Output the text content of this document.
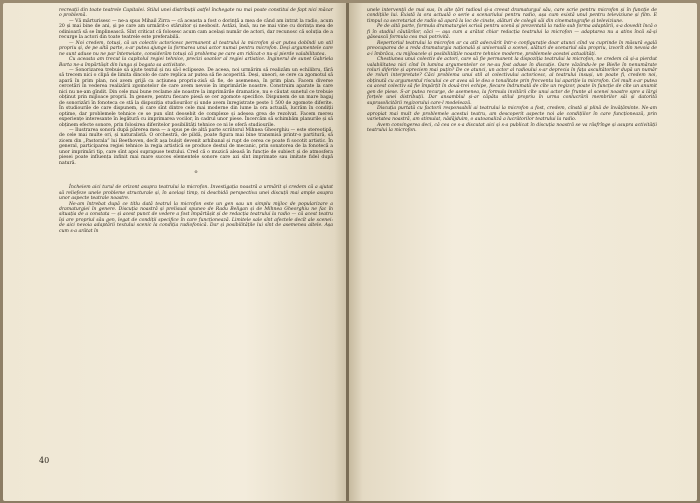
recreații din toate teatrele Capitalei. Stilul unei distribuții astfel închegate nu mai poate constitui de fapt nici măcar o problemă.

— Vă mărturisesc — ne-a spus Mihail Zirra — că aceasta a fost o dorință a mea de când am intrat la radio, acum 20 și mai bine de ani, și pe care am urmărit-o stăruitor și neobosit. Astăzi, însă, nu ne mai vine cu dorința mea de odinioară să se împlinească. Sînt criticat că folosesc acum cam același număr de actori, dar recunosc că soluția de a recurge la actori din toate teatrele este preferabilă.

— Noi credem, totuși, că un colectiv actoricesc permanent al teatrului la microfon și-ar putea dobîndi un stil propriu și, de pe altă parte, s-ar putea ajunge la formarea unui actor numai pentru microfon. Deși argumentele care ne sunt aduse nu ne par întemeiate, considerăm totuși că problema pe care am ridicat-o nu-și pierde valabilitatea.

Cu aceasta am trecut la capitolul regiei tehnice, precizi soanlor al regiei artistice. Inginerul de sunet Gabriela Barta ne-a împărtășit din lunga și bogata sa activitate.

— Sonorizarea trebuie să ajute textul și nu să-l eclipseze. De aceea, noi urmărim să realizăm un echilibru, fără să trecem nici o clipă de limita dincolo de care replica ar putea să fie acoperită. Deși, uneori, se cere ca zgomotul să apară în prim plan, noi avem grijă ca acțiunea propriu-zisă să fie, de asemenea, în prim plan. Facem diverse cercetări în vederea realizării zgomotelor de care avem nevoie în imprimările noastre. Construim aparate la care nici nu ne-am gîndit. Din cele mai bune reclame ale noastre la imprimările dramatice, nu e căutat sunetul ce trebuie obținut prin mijloace proprii. În genere, pentru fiecare piesă se cer zgomote specifice. Dispunem de un mare bagaj de sonorizări în fonoteca ce stă la dispoziția studiourilor și unde avem înregistrate peste 1 500 de zgomote diferite. În studiourile de care dispunem, și care sînt dintre cele mai moderne din lume la ora actuală, lucrăm în condiții optime, dar problemele tehnice ce se pun sînt deosebit de complexe și adesea grea de rezolvat. Facem mereu experiențe interesante în legătură cu imprimarea vocilor, în cadrul unor piese. Încercăm să schimbăm planurile și să obținem efecte sonore, prin folosirea diferitelor posibilități tehnice ce ni le oferă studiourile.

— Ilustrarea sonoră după părerea mea — a spus pe de altă parte scriitorul Mihnea Gheorghiu — este stereotipă, de cele mai multe ori, și naturalistă. O orchestră, de pildă, poate figura mai bine transmisă printr-o partitură, să zicem din „Pastorala” lui Beethoven, decît așa bulșit devenit arhibanal și rupt de cerea ce poate fi socotit artistic. În general, participarea regiei tehnice la regia artistică se produce destul de mecanic, prin sonatorea de la fonotecă a unor imprimări tip, care sînt apoi suprapuse textului. Cred că o muzică aleasă în funcție de subiect și de atmosfera piesei poate influența infinit mai mare succes elementele sonore care azi sînt imprimate sau imitate fidel după natură.

o

Încheiem aici turul de orizont asupra teatrului la microfon. Investigația noastră a urmărit și credem că a ajutat să reliefeze unele probleme structurale și, în același timp, ni deschidă perspectiva unei discuții mai ample asupra unor aspecte teatrale noastre.

Ne-am întrebat după ce titlu dată teatrul la microfon este un gen sau un simplu mijloc de popularizare a dramaturgiei în genere. Discuția noastră și prelisual spuneo de Radu Beligan și de Mihnea Gheorghiu ne fac în situația de a constata — și acest punct de vedere a fost împărtășit și de redacția teatrului la radio — că acest teatru își are propriul său gen, legat de condiții specifice în care funcționează. Limitele sale sînt afectele decît ale scenei: de aici nevoia adaptării textului scenic la condiția radiofonică. Dar și posibilitățile lui sînt de asemenea altele. Așa cum s-a arătat în

40

unele intervenții de mai sus, în alte țări radioul și-a creeat dramaturgul său, care scrie pentru microfon și în funcție de condițiile lui. Există la ora actuală o serie a scenariului pentru radio, așa cum există unul pentru televiziune și film. E timpul ca secretariat de radio să apară la loc de cinste, alături de colegii săi din cinematografie și televiziune.

Pe de altă parte, formula dramaturgiei scrisă pentru scenă și prezentată la radio sub forma adaptării, s-a dovedit încă o fi în stadiul căutărilor, căci — așa cum a arătat chiar redacția teatrului la microfon — adaptarea nu a atins încă să-și găsească formula cea mai potrivită.

Repertoriul teatrului la microfon ar ca atît adecvărit într-o configurație doar atunci cînd va cuprinde în măsură egală preocuparea de a reda dramaturgia națională și universală a scenei, alături de scenariul său propriu, izvorît din nevoia de a-i îmbrăca, cu mijloacele și posibilitățile noastre tehnice moderne, problemele acestei actualități.

Chestiunea unui colectiv de actori, care să fie permanent la dispoziția teatrului la microfon, ne credem că și-a pierdut valabilitatea nici cînd în lumina argumentelor ce ne-au fost aduse în discuție. Oare văzându-le pe Bielle în nenumărate roluri diferite și apreciem mai puțin? De ce atunci, un actor al radioului s-ar deprecia în fața ascultătorilor după un număr de roluri interpretate? Căci problema unui stil al colectivului actoricesc, al teatrului insuși, un poate fi, credem noi, obținută cu argumentul riscului ce ar avea să le dea o tonalitate prin frecventa lui apariție la microfon. Cel mult s-ar putea ca acest colectiv să fie împărțit în două-trei echipe, fiecare îndrumată de cîte un regizor, poate în funcție de cîte un anumit gen de piese. S-ar putea recurge, de asemenea, la formula invitării cîte unui actor de frunte al scenei noastre spre a lărgi forțele unei distribuții. Dar ansamblul și-ar căpăta stilul propriu în urma conlucrării membrilor săi și datorită suprasolicitării regizorului care-l modelează.

Discuția purtată cu factorii responsabili ai teatrului la microfon a fost, credem, cînstă și plină de învățăminte. Ne-am apropiat mai mult de problemele acestui teatru, am descoperit aspecte noi ale condițiilor în care funcționează, prin varietatea noastră, am stimulat, nădăjduim, o autoanaliză a lucrătorilor teatrului la radio.

Avem convingerea deci, că cea ce s-a discutat aici și s-a publicat în discuția noastră se va răsfrînge și asupra activității teatrului la microfon.
